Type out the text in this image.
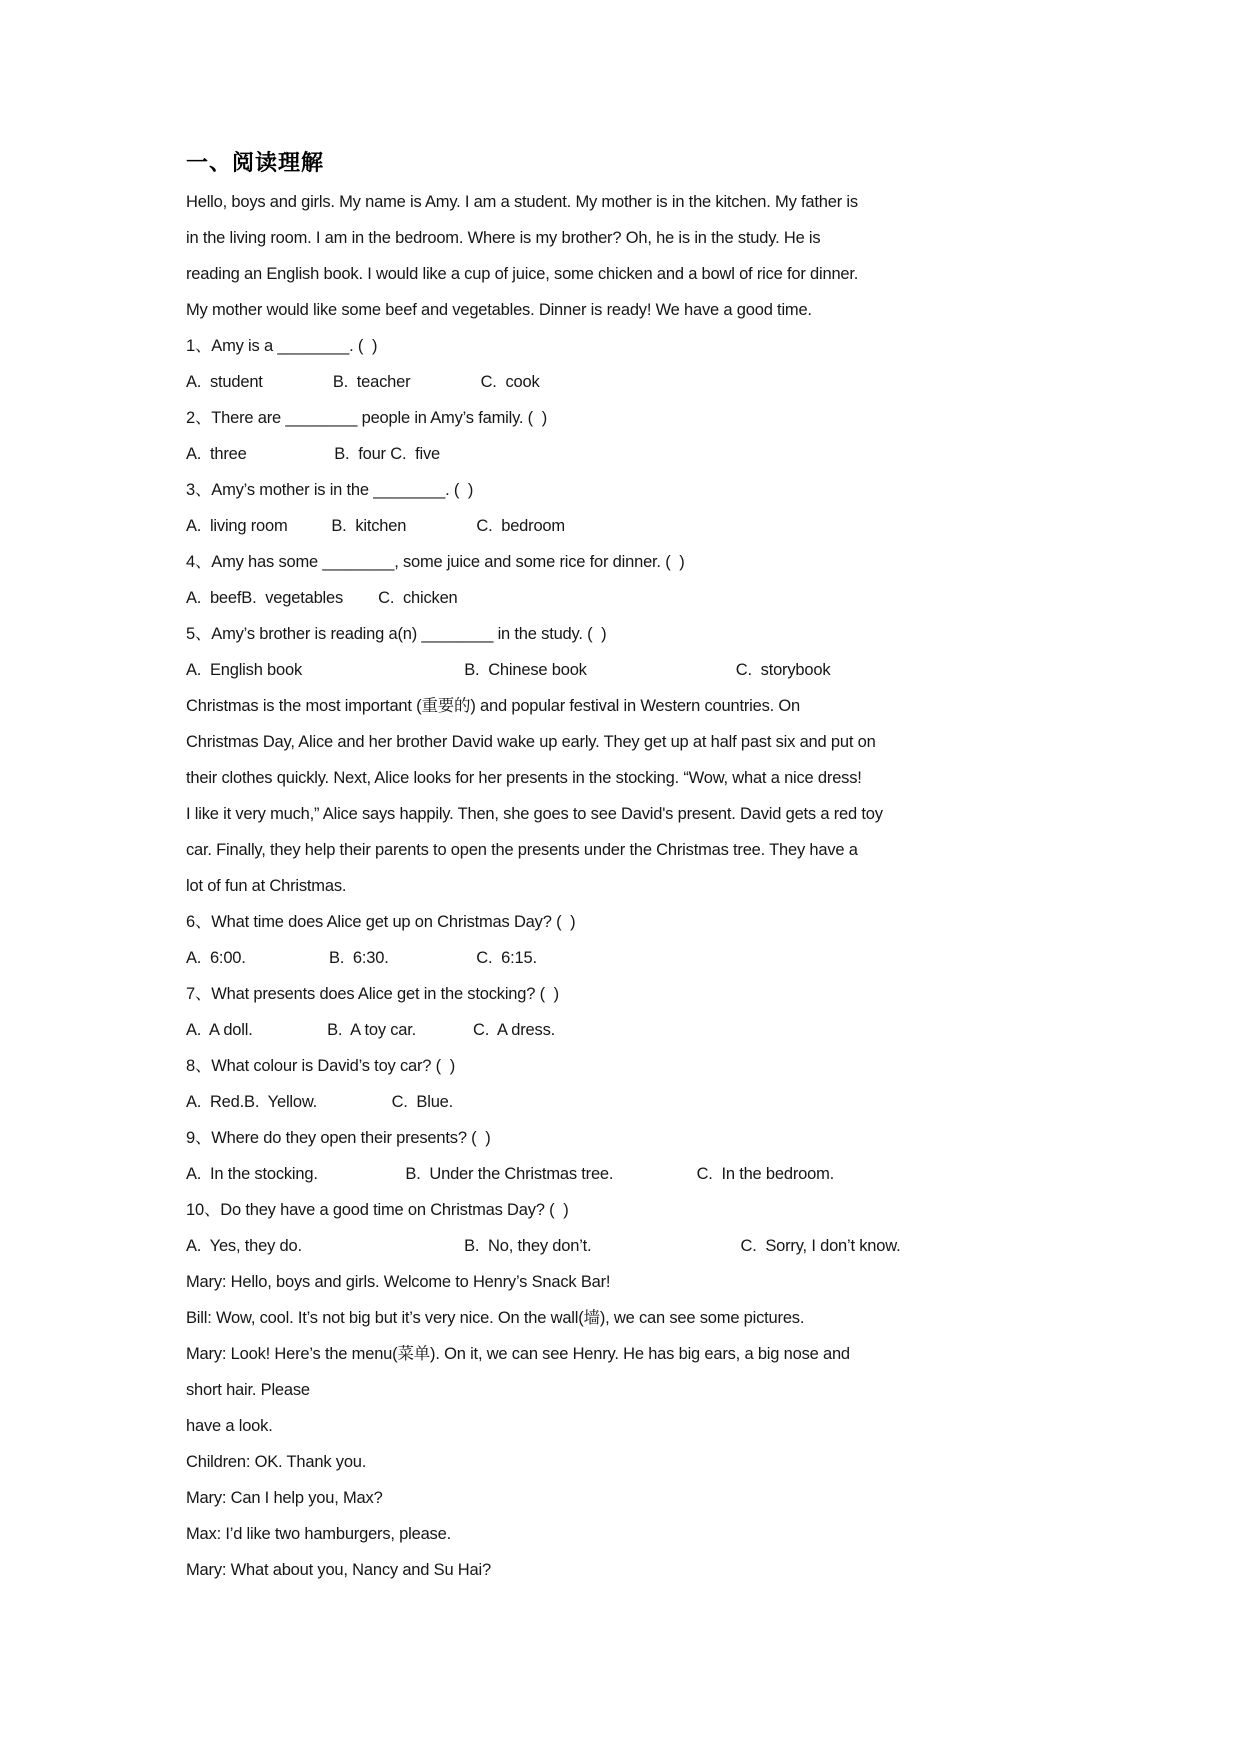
一、阅读理解
Hello, boys and girls. My name is Amy. I am a student. My mother is in the kitchen. My father is
in the living room. I am in the bedroom. Where is my brother? Oh, he is in the study. He is
reading an English book. I would like a cup of juice, some chicken and a bowl of rice for dinner.
My mother would like some beef and vegetables. Dinner is ready! We have a good time.
1、Amy is a ________. (  )
A.  student                B.  teacher                C.  cook
2、There are ________ people in Amy’s family. (  )
A.  three                    B.  four C.  five
3、Amy’s mother is in the ________. (  )
A.  living room          B.  kitchen                C.  bedroom
4、Amy has some ________, some juice and some rice for dinner. (  )
A.  beefB.  vegetables        C.  chicken
5、Amy’s brother is reading a(n) ________ in the study. (  )
A.  English book                                     B.  Chinese book                                  C.  storybook
Christmas is the most important (重要的) and popular festival in Western countries. On
Christmas Day, Alice and her brother David wake up early. They get up at half past six and put on
their clothes quickly. Next, Alice looks for her presents in the stocking. “Wow, what a nice dress!
I like it very much,” Alice says happily. Then, she goes to see David's present. David gets a red toy
car. Finally, they help their parents to open the presents under the Christmas tree. They have a
lot of fun at Christmas.
6、What time does Alice get up on Christmas Day? (  )
A.  6:00.                   B.  6:30.                    C.  6:15.
7、What presents does Alice get in the stocking? (  )
A.  A doll.                 B.  A toy car.             C.  A dress.
8、What colour is David’s toy car? (  )
A.  Red.B.  Yellow.                 C.  Blue.
9、Where do they open their presents? (  )
A.  In the stocking.                    B.  Under the Christmas tree.                   C.  In the bedroom.
10、Do they have a good time on Christmas Day? (  )
A.  Yes, they do.                                     B.  No, they don’t.                                  C.  Sorry, I don’t know.
Mary: Hello, boys and girls. Welcome to Henry’s Snack Bar!
Bill: Wow, cool. It’s not big but it’s very nice. On the wall(墙), we can see some pictures.
Mary: Look! Here’s the menu(菜单). On it, we can see Henry. He has big ears, a big nose and
short hair. Please
have a look.
Children: OK. Thank you.
Mary: Can I help you, Max?
Max: I’d like two hamburgers, please.
Mary: What about you, Nancy and Su Hai?
